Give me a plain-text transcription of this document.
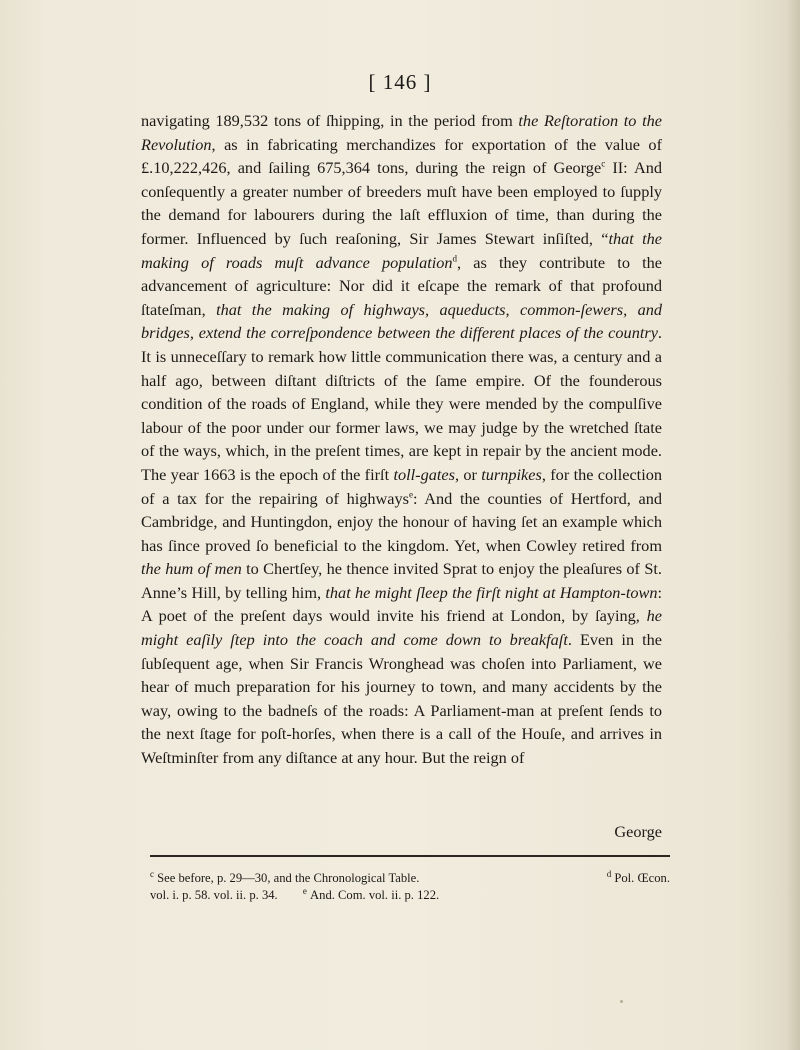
[ 146 ]

navigating 189,532 tons of ſhipping, in the period from the Reſtoration to the Revolution, as in fabricating merchandizes for exportation of the value of £.10,222,426, and ſailing 675,364 tons, during the reign of George$^c$ II: And conſequently a greater number of breeders muſt have been employed to ſupply the demand for labourers during the laſt effluxion of time, than during the former. Influenced by ſuch reaſoning, Sir James Stewart inſiſted, “that the making of roads muſt advance population$^d$, as they contribute to the advancement of agriculture: Nor did it eſcape the remark of that profound ſtateſman, that the making of highways, aqueducts, common-ſewers, and bridges, extend the correſpondence between the different places of the country. It is unneceſſary to remark how little communication there was, a century and a half ago, between diſtant diſtricts of the ſame empire. Of the founderous condition of the roads of England, while they were mended by the compulſive labour of the poor under our former laws, we may judge by the wretched ſtate of the ways, which, in the preſent times, are kept in repair by the ancient mode. The year 1663 is the epoch of the firſt toll-gates, or turnpikes, for the collection of a tax for the repairing of highways$^e$: And the counties of Hertford, and Cambridge, and Huntingdon, enjoy the honour of having ſet an example which has ſince proved ſo beneficial to the kingdom. Yet, when Cowley retired from the hum of men to Chertſey, he thence invited Sprat to enjoy the pleaſures of St. Anne’s Hill, by telling him, that he might ſleep the firſt night at Hampton-town: A poet of the preſent days would invite his friend at London, by ſaying, he might eaſily ſtep into the coach and come down to breakfaſt. Even in the ſubſequent age, when Sir Francis Wronghead was choſen into Parliament, we hear of much preparation for his journey to town, and many accidents by the way, owing to the badneſs of the roads: A Parliament-man at preſent ſends to the next ſtage for poſt-horſes, when there is a call of the Houſe, and arrives in Weſtminſter from any diſtance at any hour. But the reign of

George
$^c$ See before, p. 29—30, and the Chronological Table.	$^d$ Pol. Œcon.
vol. i. p. 58. vol. ii. p. 34.	$^e$ And. Com. vol. ii. p. 122.
